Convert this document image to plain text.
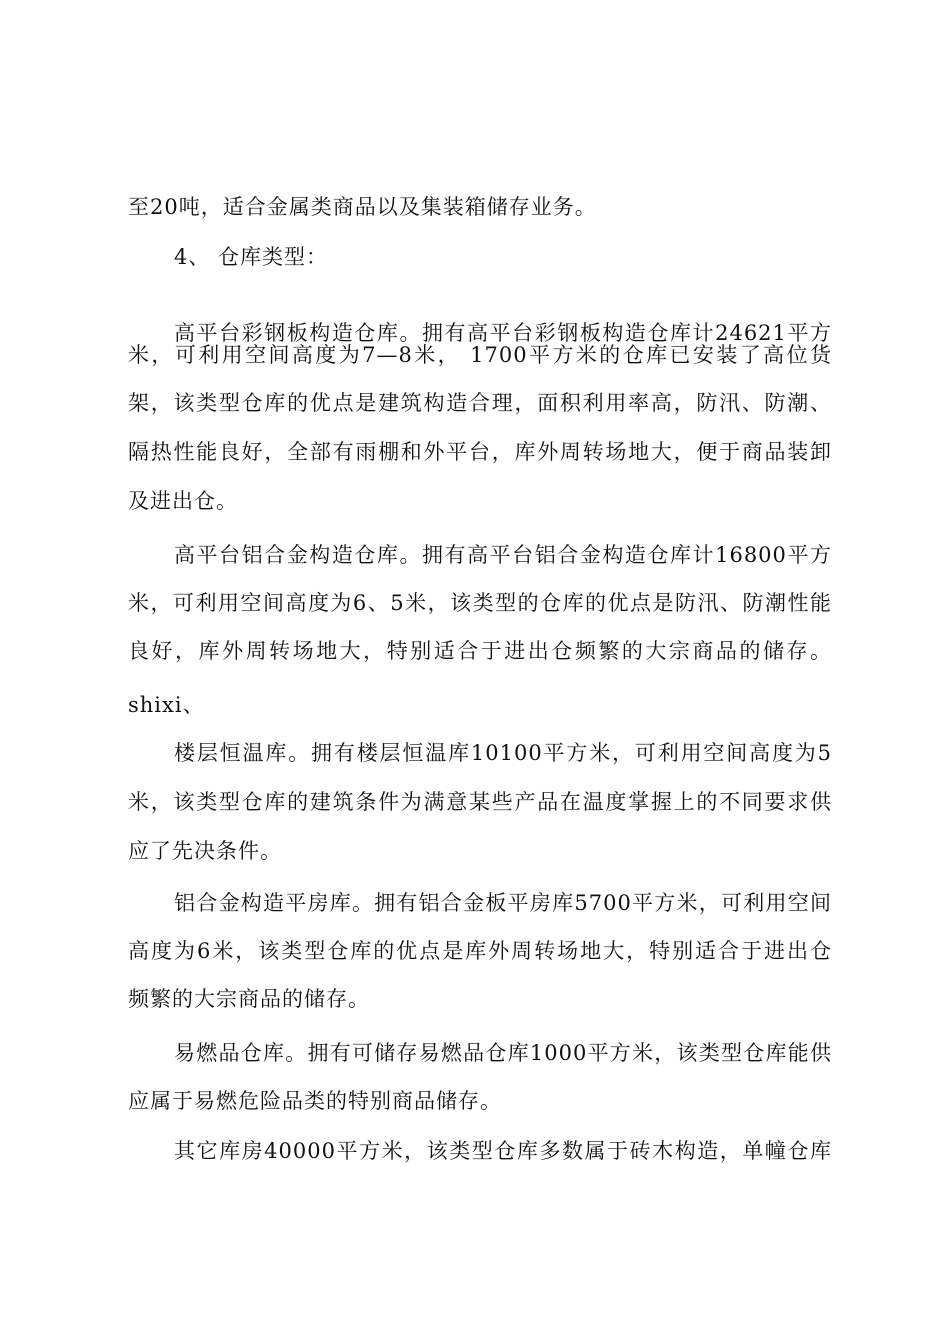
至20吨，适合金属类商品以及集装箱储存业务。
4、 仓库类型：
高平台彩钢板构造仓库。拥有高平台彩钢板构造仓库计24621平方
米，可利用空间高度为7—8米， 1700平方米的仓库已安装了高位货
架，该类型仓库的优点是建筑构造合理，面积利用率高，防汛、防潮、
隔热性能良好，全部有雨棚和外平台，库外周转场地大，便于商品装卸
及进出仓。
高平台铝合金构造仓库。拥有高平台铝合金构造仓库计16800平方
米，可利用空间高度为6、5米，该类型的仓库的优点是防汛、防潮性能
良好，库外周转场地大，特别适合于进出仓频繁的大宗商品的储存。
shixi、
楼层恒温库。拥有楼层恒温库10100平方米，可利用空间高度为5
米，该类型仓库的建筑条件为满意某些产品在温度掌握上的不同要求供
应了先决条件。
铝合金构造平房库。拥有铝合金板平房库5700平方米，可利用空间
高度为6米，该类型仓库的优点是库外周转场地大，特别适合于进出仓
频繁的大宗商品的储存。
易燃品仓库。拥有可储存易燃品仓库1000平方米，该类型仓库能供
应属于易燃危险品类的特别商品储存。
其它库房40000平方米，该类型仓库多数属于砖木构造，单幢仓库
